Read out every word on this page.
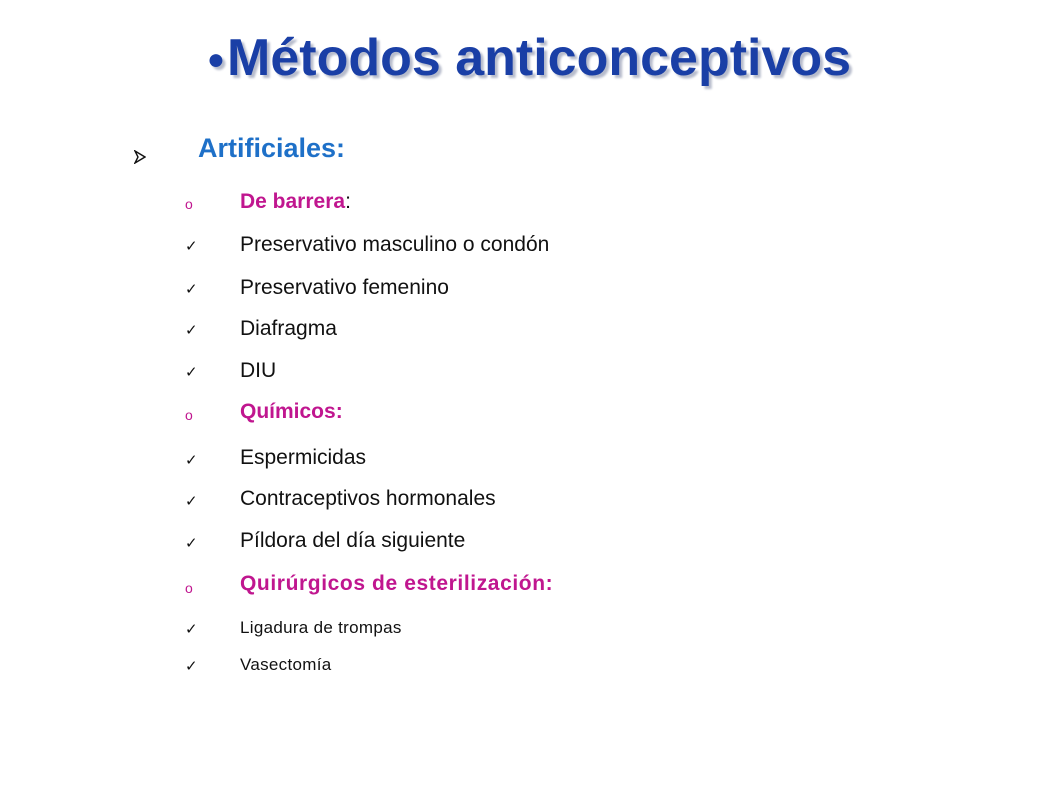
●Métodos anticonceptivos
Artificiales:
o De barrera:
✓ Preservativo masculino o condón
✓ Preservativo femenino
✓ Diafragma
✓ DIU
o Químicos:
✓ Espermicidas
✓ Contraceptivos hormonales
✓ Píldora del día siguiente
o Quirúrgicos de esterilización:
✓ Ligadura de trompas
✓ Vasectomía
